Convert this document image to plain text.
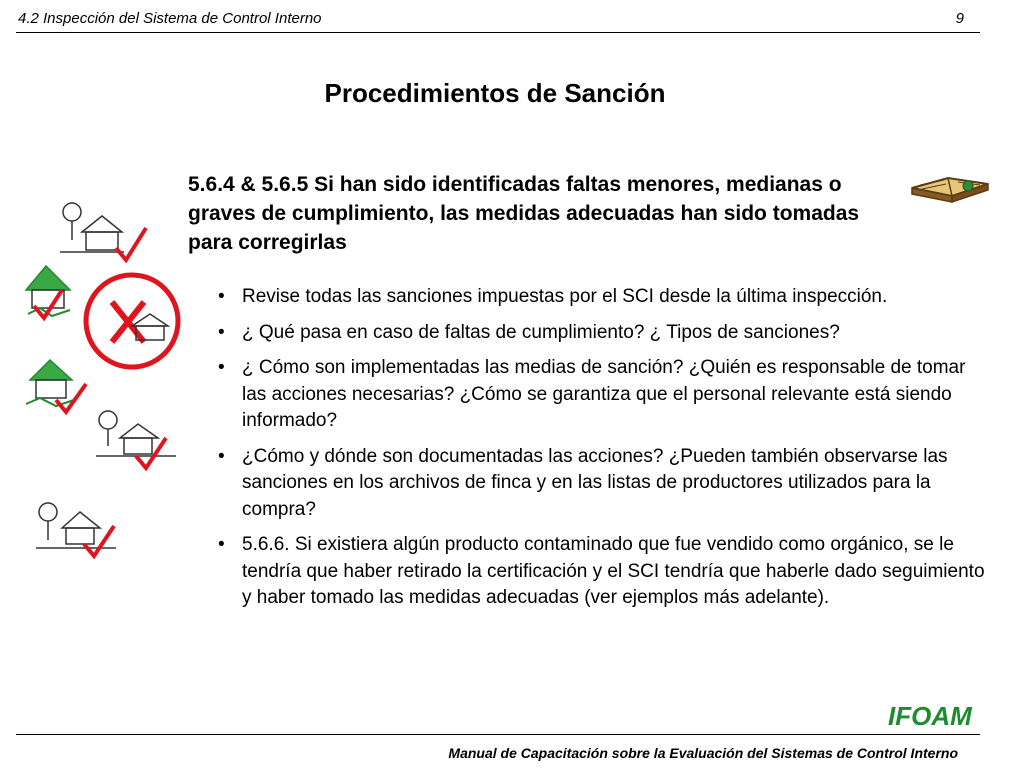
4.2 Inspección del Sistema de Control Interno	9
Procedimientos de Sanción
5.6.4 & 5.6.5 Si han sido identificadas faltas menores, medianas o graves de cumplimiento, las medidas adecuadas han sido tomadas para corregirlas
• Revise todas las sanciones impuestas por el SCI desde la última inspección.
• ¿ Qué pasa en caso de faltas de cumplimiento? ¿ Tipos de sanciones?
• ¿ Cómo son implementadas las medias de sanción? ¿Quién es responsable de tomar las acciones necesarias? ¿Cómo se garantiza que el personal relevante está siendo informado?
• ¿Cómo y dónde son documentadas las acciones? ¿Pueden también observarse las sanciones en los archivos de finca y en las listas de productores utilizados para la compra?
• 5.6.6. Si existiera algún producto contaminado que fue vendido como orgánico, se le tendría que haber retirado la certificación y el SCI tendría que haberle dado seguimiento y haber tomado las medidas adecuadas (ver ejemplos más adelante).
IFOAM
Manual de Capacitación sobre la Evaluación del Sistemas de Control Interno
